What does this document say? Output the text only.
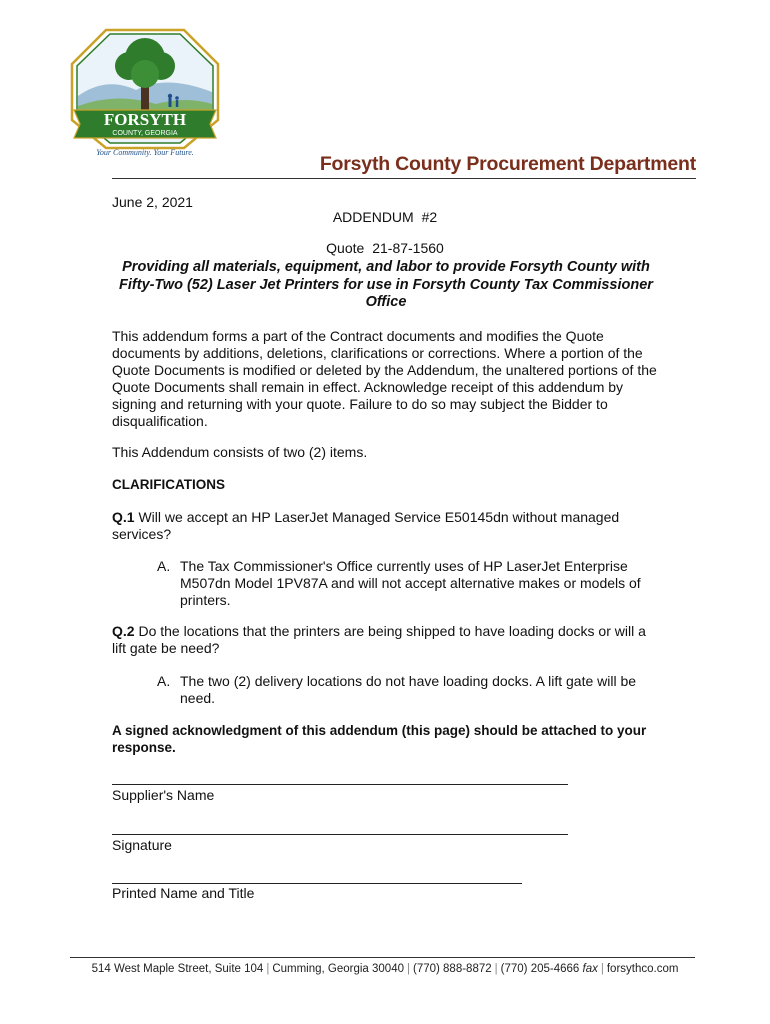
FORSYTH
COUNTY, GEORGIA
Your Community. Your Future.
Forsyth County Procurement Department
June 2, 2021
ADDENDUM #2
Quote 21-87-1560
Providing all materials, equipment, and labor to provide Forsyth County with Fifty-Two (52) Laser Jet Printers for use in Forsyth County Tax Commissioner Office
This addendum forms a part of the Contract documents and modifies the Quote documents by additions, deletions, clarifications or corrections. Where a portion of the Quote Documents is modified or deleted by the Addendum, the unaltered portions of the Quote Documents shall remain in effect. Acknowledge receipt of this addendum by signing and returning with your quote. Failure to do so may subject the Bidder to disqualification.
This Addendum consists of two (2) items.
CLARIFICATIONS
Q.1 Will we accept an HP LaserJet Managed Service E50145dn without managed services?
A. The Tax Commissioner's Office currently uses of HP LaserJet Enterprise M507dn Model 1PV87A and will not accept alternative makes or models of printers.
Q.2 Do the locations that the printers are being shipped to have loading docks or will a lift gate be need?
A. The two (2) delivery locations do not have loading docks. A lift gate will be need.
A signed acknowledgment of this addendum (this page) should be attached to your response.
Supplier's Name
Signature
Printed Name and Title
514 West Maple Street, Suite 104 | Cumming, Georgia 30040 | (770) 888-8872 | (770) 205-4666 fax | forsythco.com
